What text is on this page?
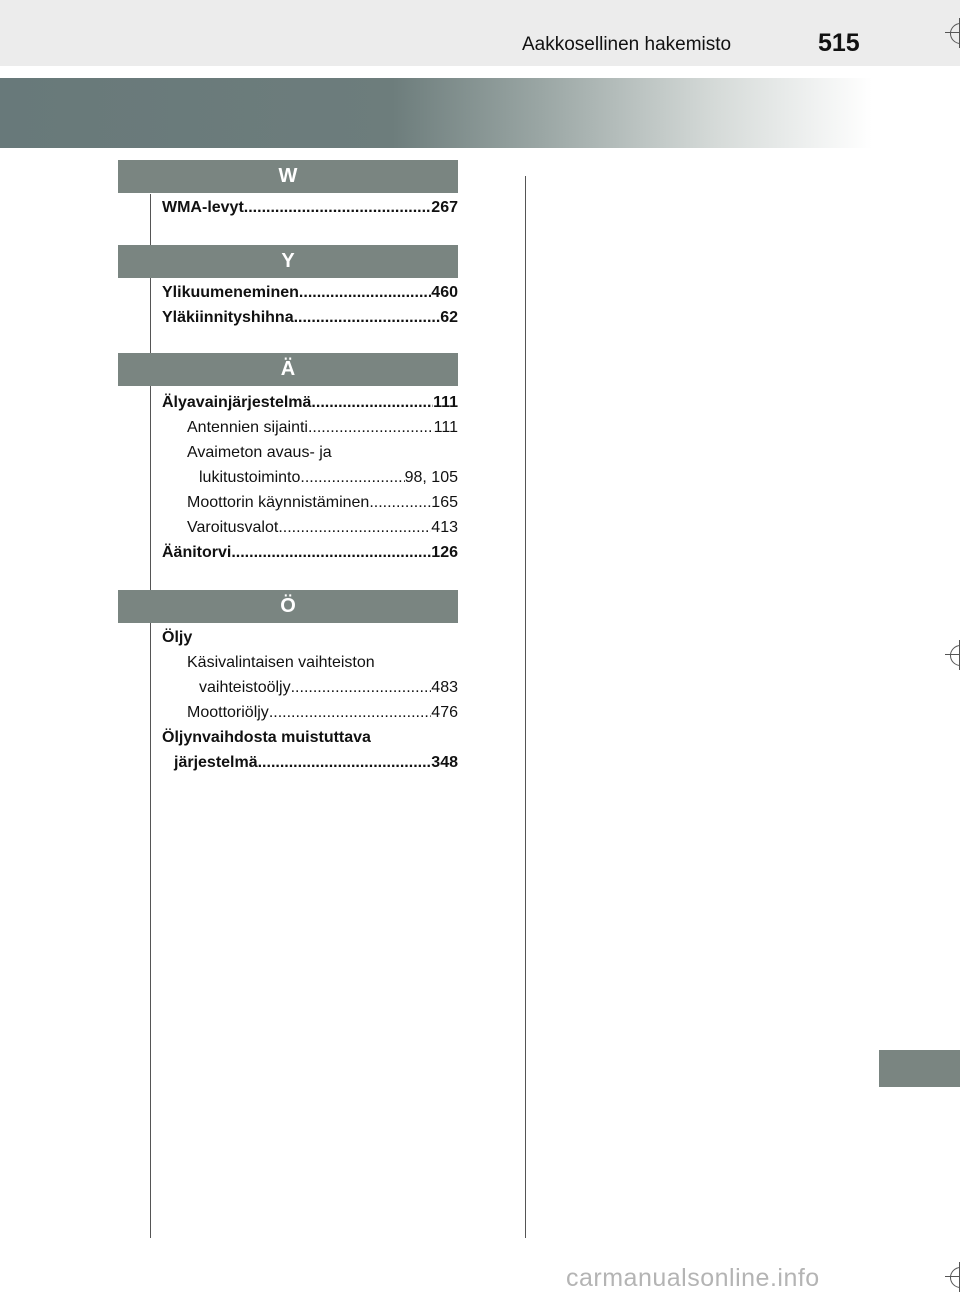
Aakkosellinen hakemisto	515
W
WMA-levyt .....	267
Y
Ylikuumeneminen .....	460
Yläkiinnityshihna .....	62
Ä
Älyavainjärjestelmä .....	111
Antennien sijainti .....	111
Avaimeton avaus- ja
lukitustoiminto .....	98, 105
Moottorin käynnistäminen .....	165
Varoitusvalot .....	413
Äänitorvi .....	126
Ö
Öljy
Käsivalintaisen vaihteiston
vaihteistoöljy .....	483
Moottoriöljy .....	476
Öljynvaihdosta muistuttava
järjestelmä .....	348
carmanualsonline.info
